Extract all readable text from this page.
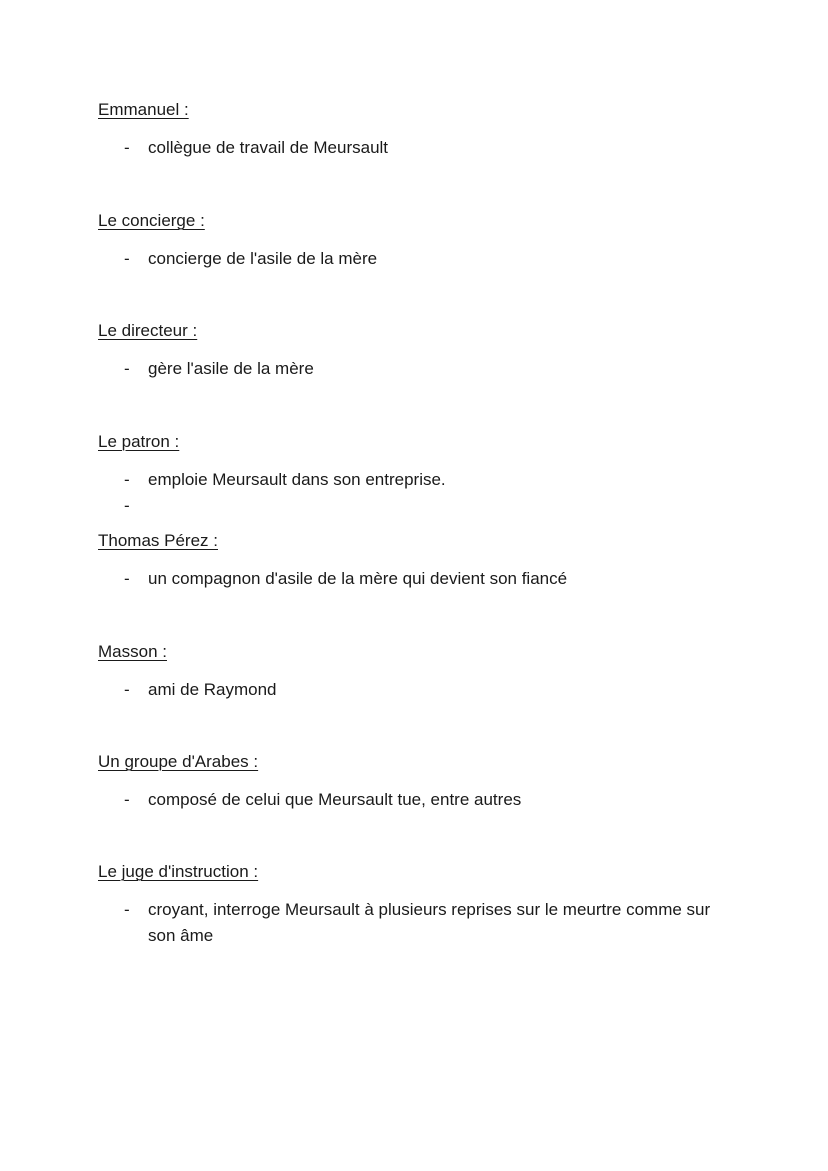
Emmanuel :

- collègue de travail de Meursault

Le concierge :

- concierge de l'asile de la mère

Le directeur :

- gère l'asile de la mère

Le patron :

- emploie Meursault dans son entreprise.
-

Thomas Pérez :

- un compagnon d'asile de la mère qui devient son fiancé

Masson :

- ami de Raymond

Un groupe d'Arabes :

- composé de celui que Meursault tue, entre autres

Le juge d'instruction :

- croyant, interroge Meursault à plusieurs reprises sur le meurtre comme sur son âme
